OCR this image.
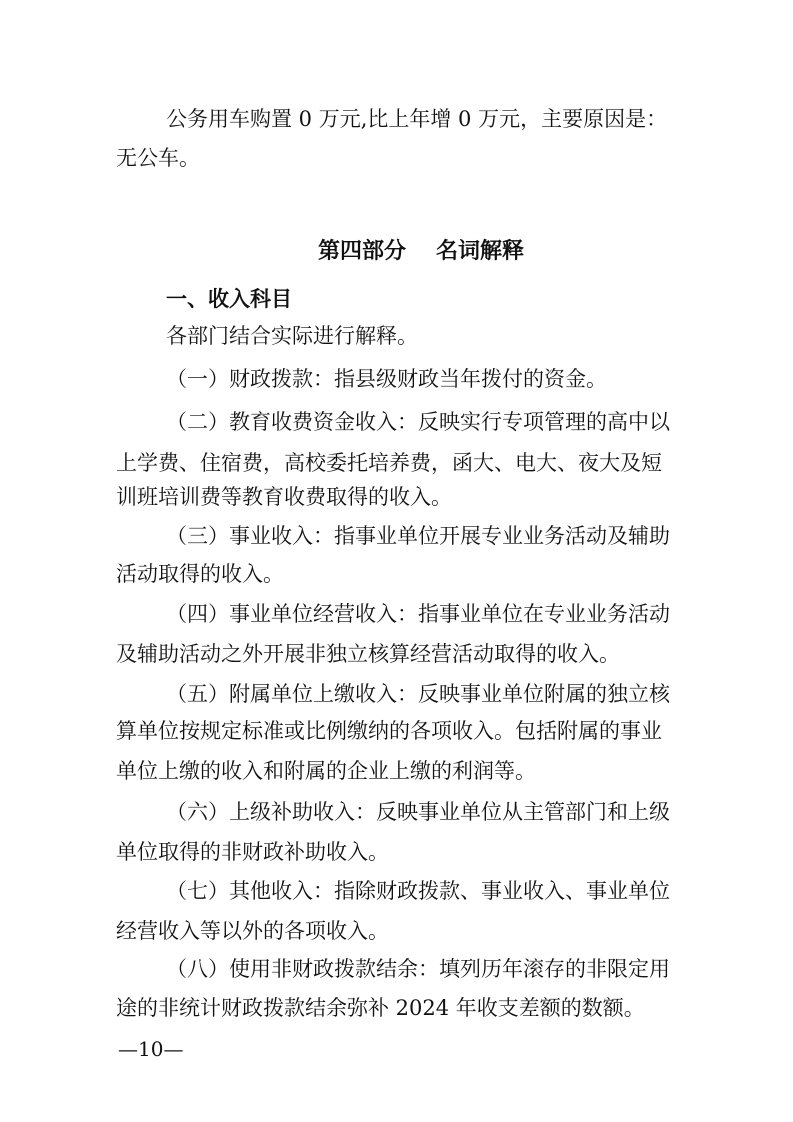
公务用车购置 0 万元,比上年增 0 万元，主要原因是：
无公车。
第四部分 名词解释
一、收入科目
各部门结合实际进行解释。
（一）财政拨款：指县级财政当年拨付的资金。
（二）教育收费资金收入：反映实行专项管理的高中以
上学费、住宿费，高校委托培养费，函大、电大、夜大及短
训班培训费等教育收费取得的收入。
（三）事业收入：指事业单位开展专业业务活动及辅助
活动取得的收入。
（四）事业单位经营收入：指事业单位在专业业务活动
及辅助活动之外开展非独立核算经营活动取得的收入。
（五）附属单位上缴收入：反映事业单位附属的独立核
算单位按规定标准或比例缴纳的各项收入。包括附属的事业
单位上缴的收入和附属的企业上缴的利润等。
（六）上级补助收入：反映事业单位从主管部门和上级
单位取得的非财政补助收入。
（七）其他收入：指除财政拨款、事业收入、事业单位
经营收入等以外的各项收入。
（八）使用非财政拨款结余：填列历年滚存的非限定用
途的非统计财政拨款结余弥补 2024 年收支差额的数额。
—10—
